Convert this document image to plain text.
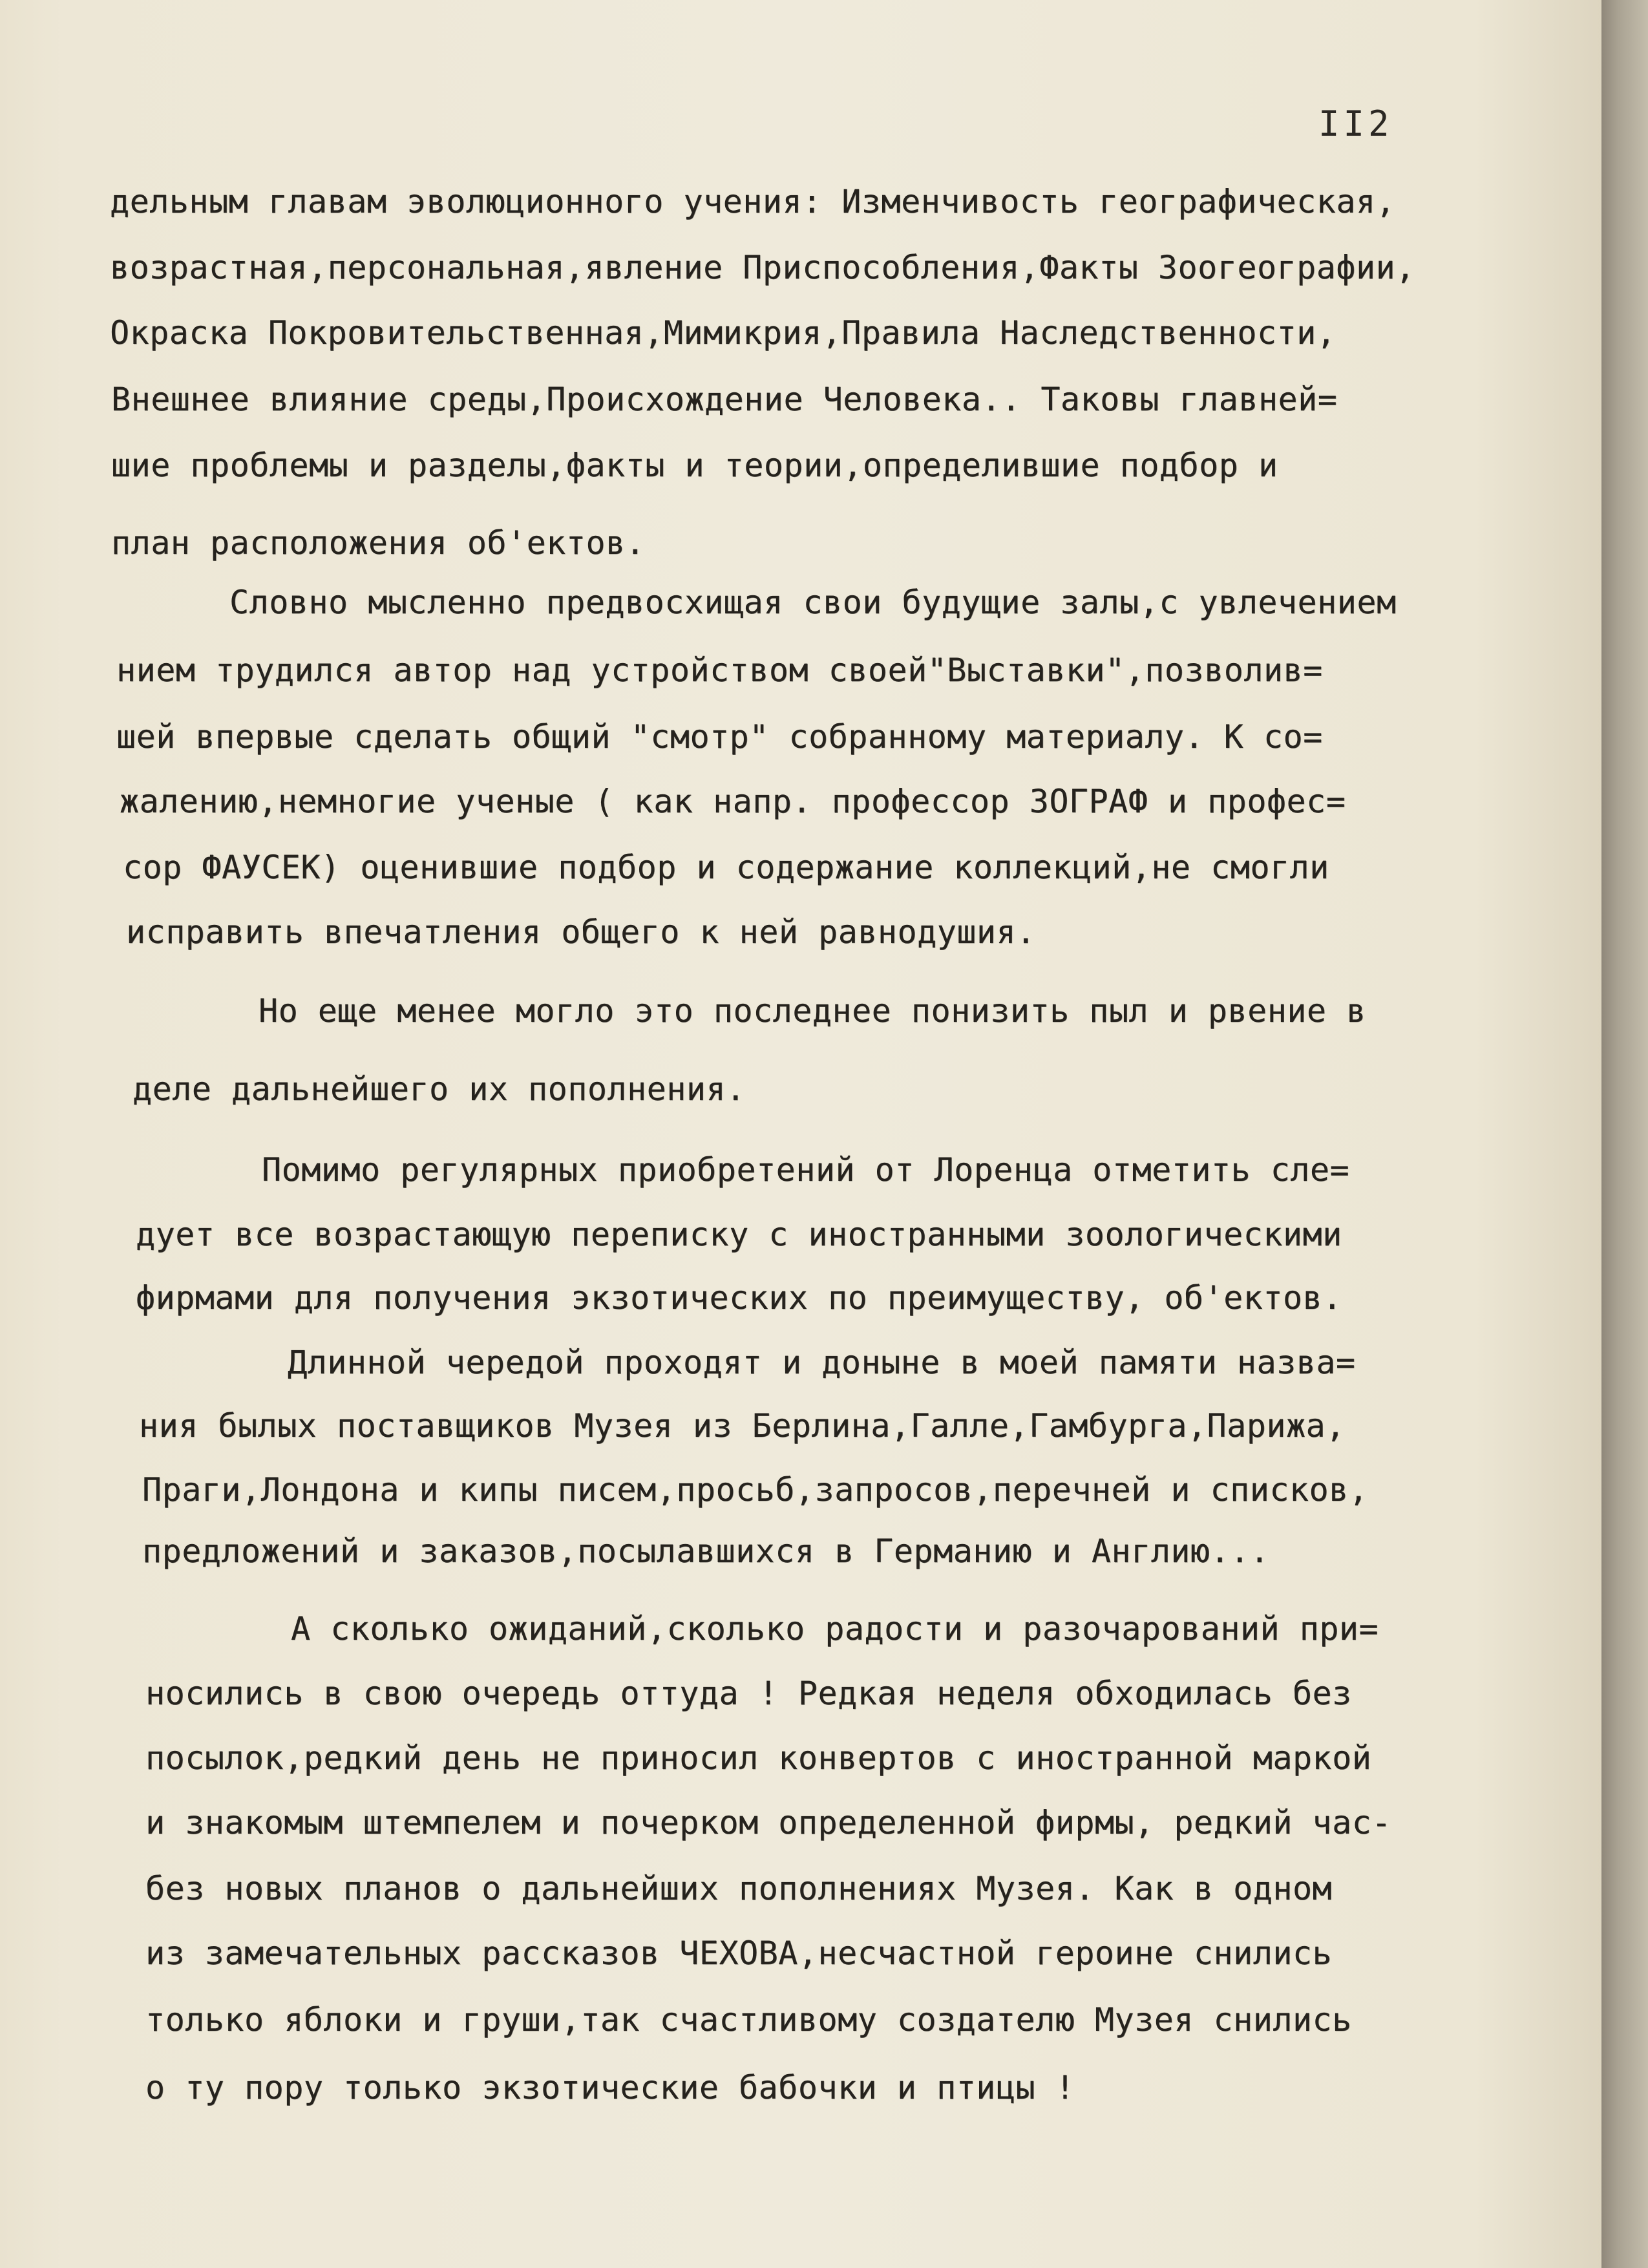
II2
дельным главам эволюционного учения: Изменчивость географическая,
возрастная,персональная,явление Приспособления,Факты Зоогеографии,
Окраска Покровительственная,Мимикрия,Правила Наследственности,
Внешнее влияние среды,Происхождение Человека.. Таковы главней=
шие проблемы и разделы,факты и теории,определившие подбор и
план расположения об'ектов.
Словно мысленно предвосхищая свои будущие залы,с увлечением
нием трудился автор над устройством своей"Выставки",позволив=
шей впервые сделать общий "смотр" собранному материалу. К со=
жалению,немногие ученые ( как напр. профессор ЗОГРАФ и профес=
сор ФАУСЕК) оценившие подбор и содержание коллекций,не смогли
исправить впечатления общего к ней равнодушия.
Но еще менее могло это последнее понизить пыл и рвение в
деле дальнейшего их пополнения.
Помимо регулярных приобретений от Лоренца отметить сле=
дует все возрастающую переписку с иностранными зоологическими
фирмами для получения экзотических по преимуществу, об'ектов.
Длинной чередой проходят и доныне в моей памяти назва=
ния былых поставщиков Музея из Берлина,Галле,Гамбурга,Парижа,
Праги,Лондона и кипы писем,просьб,запросов,перечней и списков,
предложений и заказов,посылавшихся в Германию и Англию...
А сколько ожиданий,сколько радости и разочарований при=
носились в свою очередь оттуда ! Редкая неделя обходилась без
посылок,редкий день не приносил конвертов с иностранной маркой
и знакомым штемпелем и почерком определенной фирмы, редкий час-
без новых планов о дальнейших пополнениях Музея. Как в одном
из замечательных рассказов ЧЕХОВА,несчастной героине снились
только яблоки и груши,так счастливому создателю Музея снились
о ту пору только экзотические бабочки и птицы !
